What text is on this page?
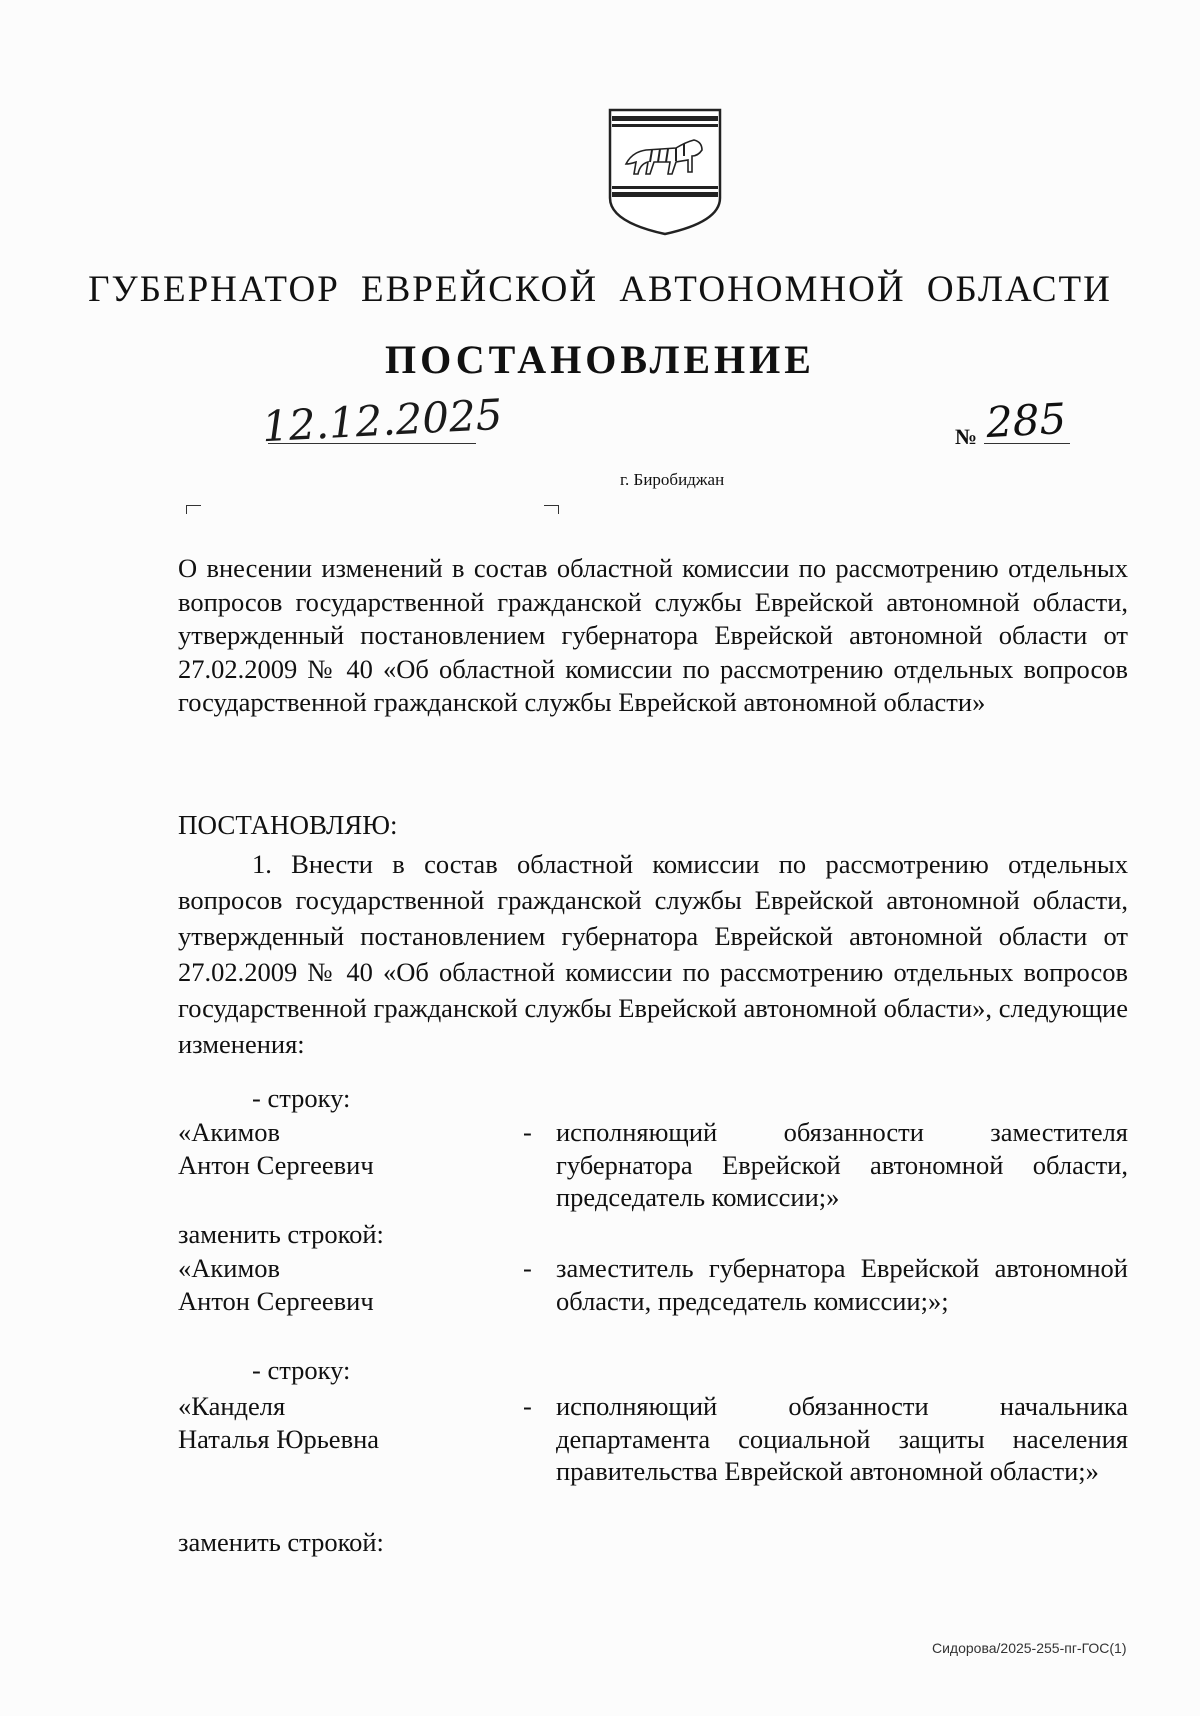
ГУБЕРНАТОР ЕВРЕЙСКОЙ АВТОНОМНОЙ ОБЛАСТИ
ПОСТАНОВЛЕНИЕ
12.12.2025	№ 285
г. Биробиджан
О внесении изменений в состав областной комиссии по рассмотрению отдельных вопросов государственной гражданской службы Еврейской автономной области, утвержденный постановлением губернатора Еврейской автономной области от 27.02.2009 № 40 «Об областной комиссии по рассмотрению отдельных вопросов государственной гражданской службы Еврейской автономной области»
ПОСТАНОВЛЯЮ:
1. Внести в состав областной комиссии по рассмотрению отдельных вопросов государственной гражданской службы Еврейской автономной области, утвержденный постановлением губернатора Еврейской автономной области от 27.02.2009 № 40 «Об областной комиссии по рассмотрению отдельных вопросов государственной гражданской службы Еврейской автономной области», следующие изменения:
- строку:
«Акимов
Антон Сергеевич
- исполняющий обязанности заместителя губернатора Еврейской автономной области, председатель комиссии;»
заменить строкой:
«Акимов
Антон Сергеевич
- заместитель губернатора Еврейской автономной области, председатель комиссии;»;
- строку:
«Канделя
Наталья Юрьевна
- исполняющий обязанности начальника департамента социальной защиты населения правительства Еврейской автономной области;»
заменить строкой:
Сидорова/2025-255-пг-ГОС(1)
